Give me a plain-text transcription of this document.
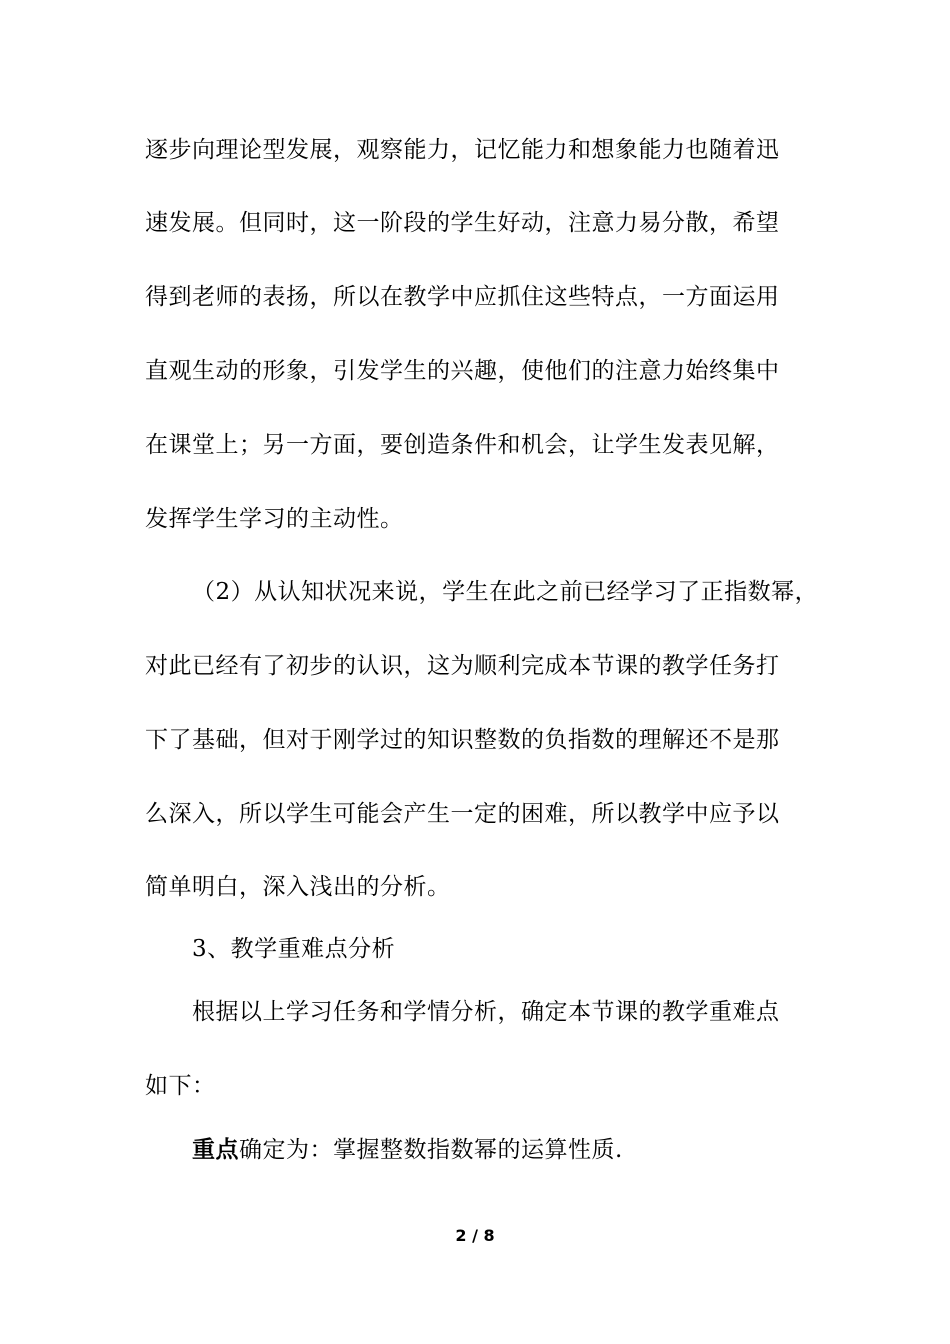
逐步向理论型发展，观察能力，记忆能力和想象能力也随着迅
速发展。但同时，这一阶段的学生好动，注意力易分散，希望
得到老师的表扬，所以在教学中应抓住这些特点，一方面运用
直观生动的形象，引发学生的兴趣，使他们的注意力始终集中
在课堂上；另一方面，要创造条件和机会，让学生发表见解，
发挥学生学习的主动性。
（2）从认知状况来说，学生在此之前已经学习了正指数幂，
对此已经有了初步的认识，这为顺利完成本节课的教学任务打
下了基础，但对于刚学过的知识整数的负指数的理解还不是那
么深入，所以学生可能会产生一定的困难，所以教学中应予以
简单明白，深入浅出的分析。
3、教学重难点分析
根据以上学习任务和学情分析，确定本节课的教学重难点
如下：
重点确定为：掌握整数指数幂的运算性质.
2 / 8
